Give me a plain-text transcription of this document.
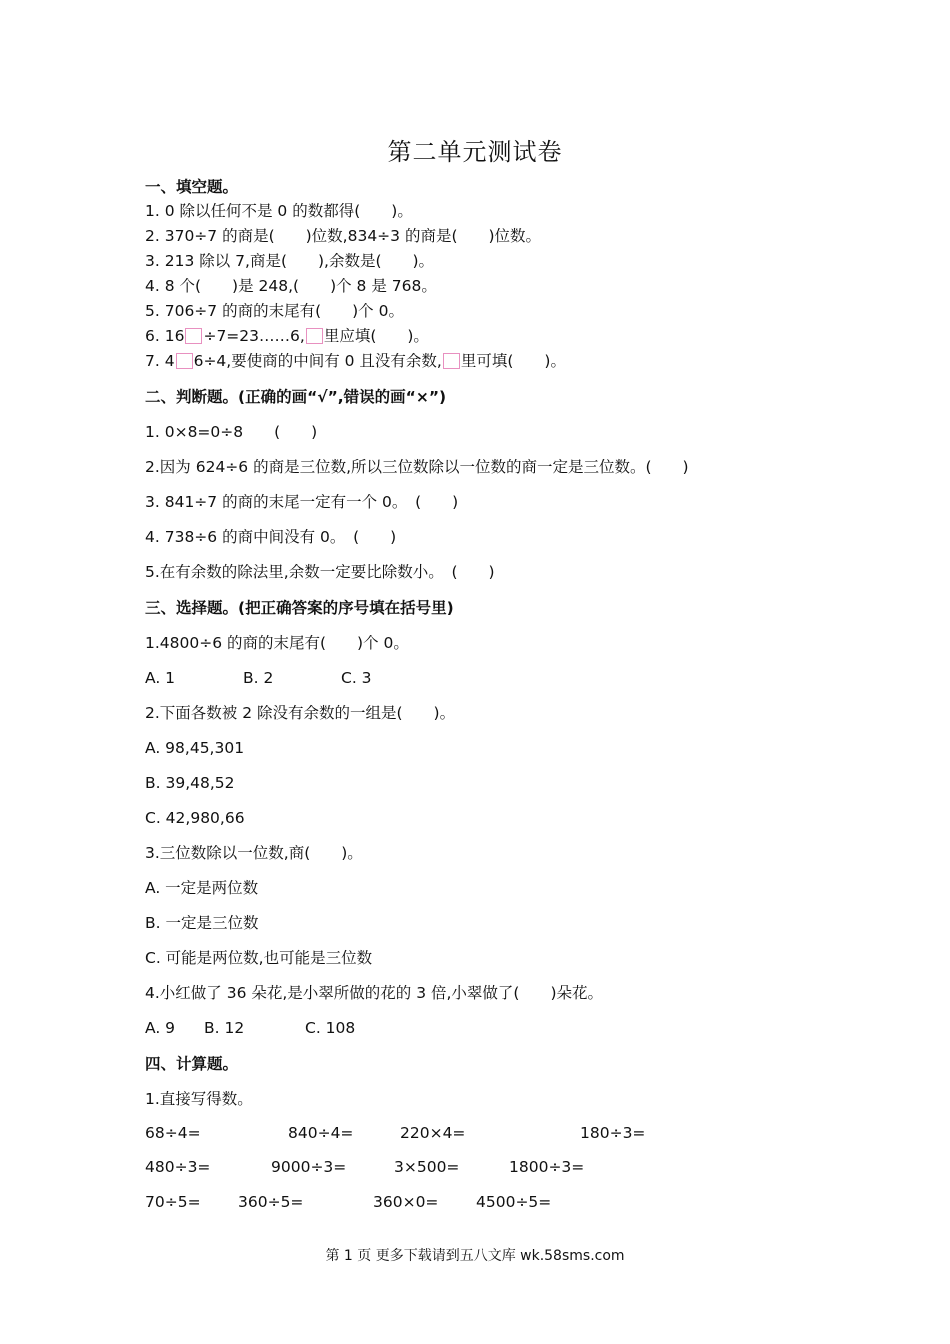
第二单元测试卷
一、填空题。
1. 0 除以任何不是 0 的数都得(　　)。
2. 370÷7 的商是(　　)位数,834÷3 的商是(　　)位数。
3. 213 除以 7,商是(　　),余数是(　　)。
4. 8 个(　　)是 248,(　　)个 8 是 768。
5. 706÷7 的商的末尾有(　　)个 0。
6. 16 ÷7=23……6, 里应填(　　)。
7. 4 6÷4,要使商的中间有 0 且没有余数, 里可填(　　)。
二、判断题。(正确的画“√”,错误的画“×”)
1. 0×8=0÷8　　(　　)
2.因为 624÷6 的商是三位数,所以三位数除以一位数的商一定是三位数。(　　)
3. 841÷7 的商的末尾一定有一个 0。　(　　)
4. 738÷6 的商中间没有 0。　(　　)
5.在有余数的除法里,余数一定要比除数小。　(　　)
三、选择题。(把正确答案的序号填在括号里)
1.4800÷6 的商的末尾有(　　)个 0。
A. 1	B. 2	C. 3
2.下面各数被 2 除没有余数的一组是(　　)。
A. 98,45,301
B. 39,48,52
C. 42,980,66
3.三位数除以一位数,商(　　)。
A. 一定是两位数
B. 一定是三位数
C. 可能是两位数,也可能是三位数
4.小红做了 36 朵花,是小翠所做的花的 3 倍,小翠做了(　　)朵花。
A. 9 B. 12	C. 108
四、计算题。
1.直接写得数。
68÷4=	840÷4=	220×4=	180÷3=
480÷3=	9000÷3=	3×500=	1800÷3=
70÷5= 360÷5=	360×0= 4500÷5=
第 1 页 更多下载请到五八文库 wk.58sms.com
